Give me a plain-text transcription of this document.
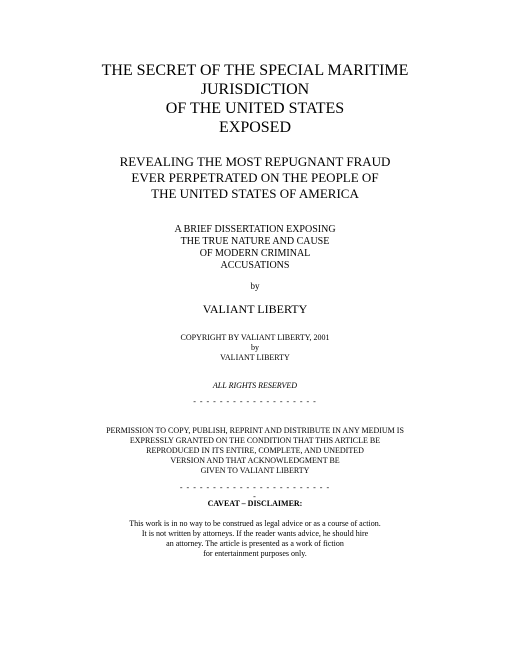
THE SECRET OF THE SPECIAL MARITIME
JURISDICTION
OF THE UNITED STATES
EXPOSED
REVEALING THE MOST REPUGNANT FRAUD
EVER PERPETRATED ON THE PEOPLE OF
THE UNITED STATES OF AMERICA
A BRIEF DISSERTATION EXPOSING
THE TRUE NATURE AND CAUSE
OF MODERN CRIMINAL
ACCUSATIONS
by
VALIANT LIBERTY
COPYRIGHT BY VALIANT LIBERTY, 2001
by
VALIANT LIBERTY
ALL RIGHTS RESERVED
- - - - - - - - - - - - - - - - - - -
PERMISSION TO COPY, PUBLISH, REPRINT AND DISTRIBUTE IN ANY MEDIUM IS
EXPRESSLY GRANTED ON THE CONDITION THAT THIS ARTICLE BE
REPRODUCED IN ITS ENTIRE, COMPLETE, AND UNEDITED
VERSION AND THAT ACKNOWLEDGMENT BE
GIVEN TO VALIANT LIBERTY
- - - - - - - - - - - - - - - - - - - - - - -
-
CAVEAT – DISCLAIMER:
This work is in no way to be construed as legal advice or as a course of action.
It is not written by attorneys. If the reader wants advice, he should hire
an attorney. The article is presented as a work of fiction
for entertainment purposes only.
